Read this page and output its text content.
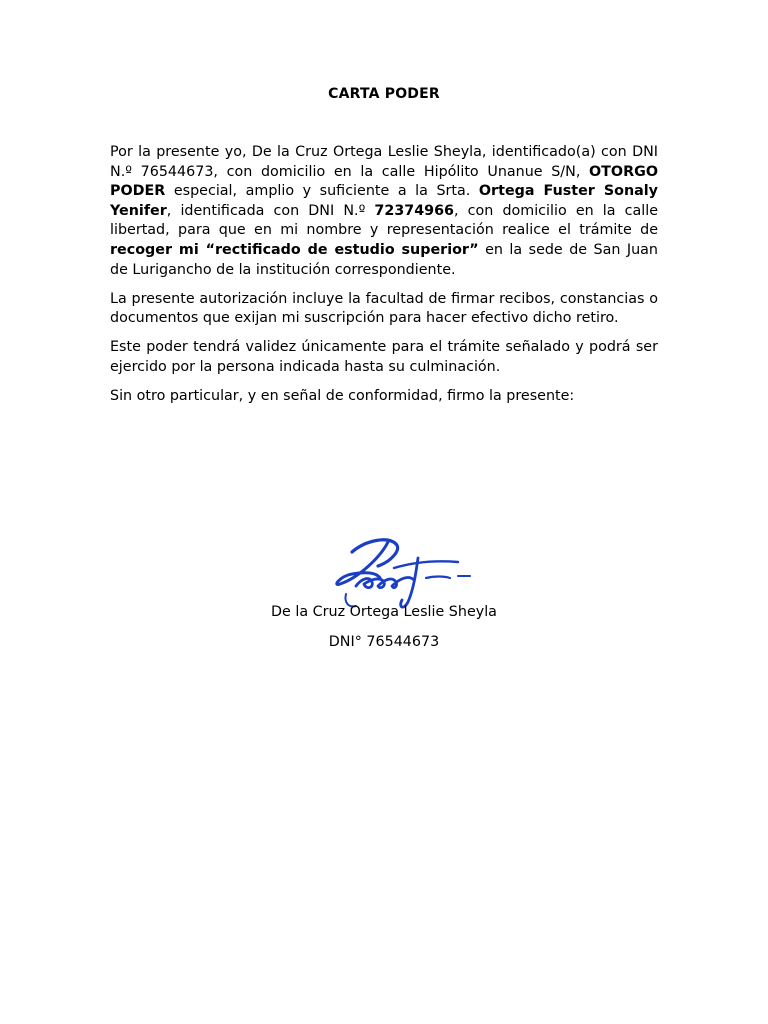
CARTA PODER

Por la presente yo, De la Cruz Ortega Leslie Sheyla, identificado(a) con DNI N.º 76544673, con domicilio en la calle Hipólito Unanue S/N, OTORGO PODER especial, amplio y suficiente a la Srta. Ortega Fuster Sonaly Yenifer, identificada con DNI N.º 72374966, con domicilio en la calle libertad, para que en mi nombre y representación realice el trámite de recoger mi “rectificado de estudio superior” en la sede de San Juan de Lurigancho de la institución correspondiente.

La presente autorización incluye la facultad de firmar recibos, constancias o documentos que exijan mi suscripción para hacer efectivo dicho retiro.

Este poder tendrá validez únicamente para el trámite señalado y podrá ser ejercido por la persona indicada hasta su culminación.

Sin otro particular, y en señal de conformidad, firmo la presente:

De la Cruz Ortega Leslie Sheyla
DNI° 76544673
